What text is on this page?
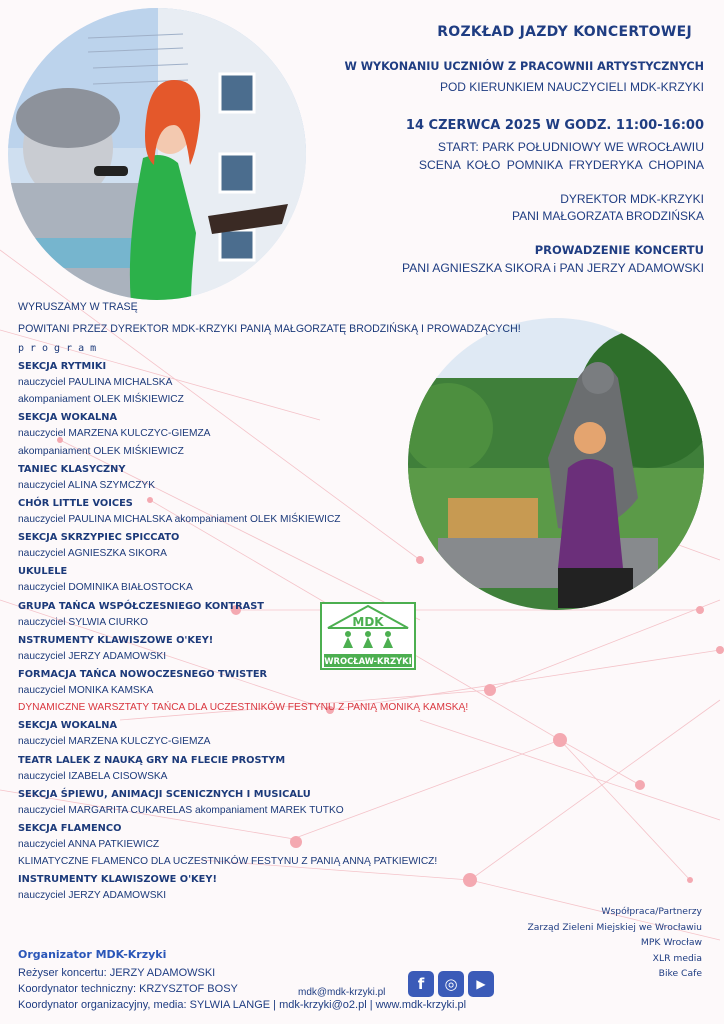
ROZKŁAD JAZDY KONCERTOWEJ
W WYKONANIU UCZNIÓW Z PRACOWNII ARTYSTYCZNYCH
POD KIERUNKIEM NAUCZYCIELI MDK-KRZYKI
14 CZERWCA 2025 W GODZ. 11:00-16:00
START: PARK POŁUDNIOWY WE WROCŁAWIU
SCENA KOŁO POMNIKA FRYDERYKA CHOPINA
DYREKTOR MDK-KRZYKI
PANI MAŁGORZATA BRODZIŃSKA
PROWADZENIE KONCERTU
PANI AGNIESZKA SIKORA i PAN JERZY ADAMOWSKI
WYRUSZAMY W TRASĘ
POWITANI PRZEZ DYREKTOR MDK-KRZYKI PANIĄ MAŁGORZATĘ BRODZIŃSKĄ I PROWADZĄCYCH!
program
SEKCJA RYTMIKI
nauczyciel PAULINA MICHALSKA
akompaniament OLEK MIŚKIEWICZ
SEKCJA WOKALNA
nauczyciel MARZENA KULCZYC-GIEMZA
akompaniament OLEK MIŚKIEWICZ
TANIEC KLASYCZNY
nauczyciel ALINA SZYMCZYK
CHÓR LITTLE VOICES
nauczyciel PAULINA MICHALSKA akompaniament OLEK MIŚKIEWICZ
SEKCJA SKRZYPIEC SPICCATO
nauczyciel AGNIESZKA SIKORA
UKULELE
nauczyciel DOMINIKA BIAŁOSTOCKA
GRUPA TAŃCA WSPÓŁCZESNIEGO KONTRAST
nauczyciel SYLWIA CIURKO
NSTRUMENTY KLAWISZOWE O'KEY!
nauczyciel JERZY ADAMOWSKI
FORMACJA TAŃCA NOWOCZESNEGO TWISTER
nauczyciel MONIKA KAMSKA
DYNAMICZNE WARSZTATY TAŃCA DLA UCZESTNIKÓW FESTYNU Z PANIĄ MONIKĄ KAMSKĄ!
SEKCJA WOKALNA
nauczyciel MARZENA KULCZYC-GIEMZA
TEATR LALEK Z NAUKĄ GRY NA FLECIE PROSTYM
nauczyciel IZABELA CISOWSKA
SEKCJA ŚPIEWU, ANIMACJI SCENICZNYCH I MUSICALU
nauczyciel MARGARITA CUKARELAS akompaniament MAREK TUTKO
SEKCJA FLAMENCO
nauczyciel ANNA PATKIEWICZ
KLIMATYCZNE FLAMENCO DLA UCZESTNIKÓW FESTYNU Z PANIĄ ANNĄ PATKIEWICZ!
INSTRUMENTY KLAWISZOWE O'KEY!
nauczyciel JERZY ADAMOWSKI
MDK
WROCŁAW-KRZYKI
Współpraca/Partnerzy
Zarząd Zieleni Miejskiej we Wrocławiu
MPK Wrocław
XLR media
Bike Cafe
Organizator MDK-Krzyki
Reżyser koncertu: JERZY ADAMOWSKI
Koordynator techniczny: KRZYSZTOF BOSY
Koordynator organizacyjny, media: SYLWIA LANGE | mdk-krzyki@o2.pl | www.mdk-krzyki.pl
mdk@mdk-krzyki.pl	f	◎	▶
